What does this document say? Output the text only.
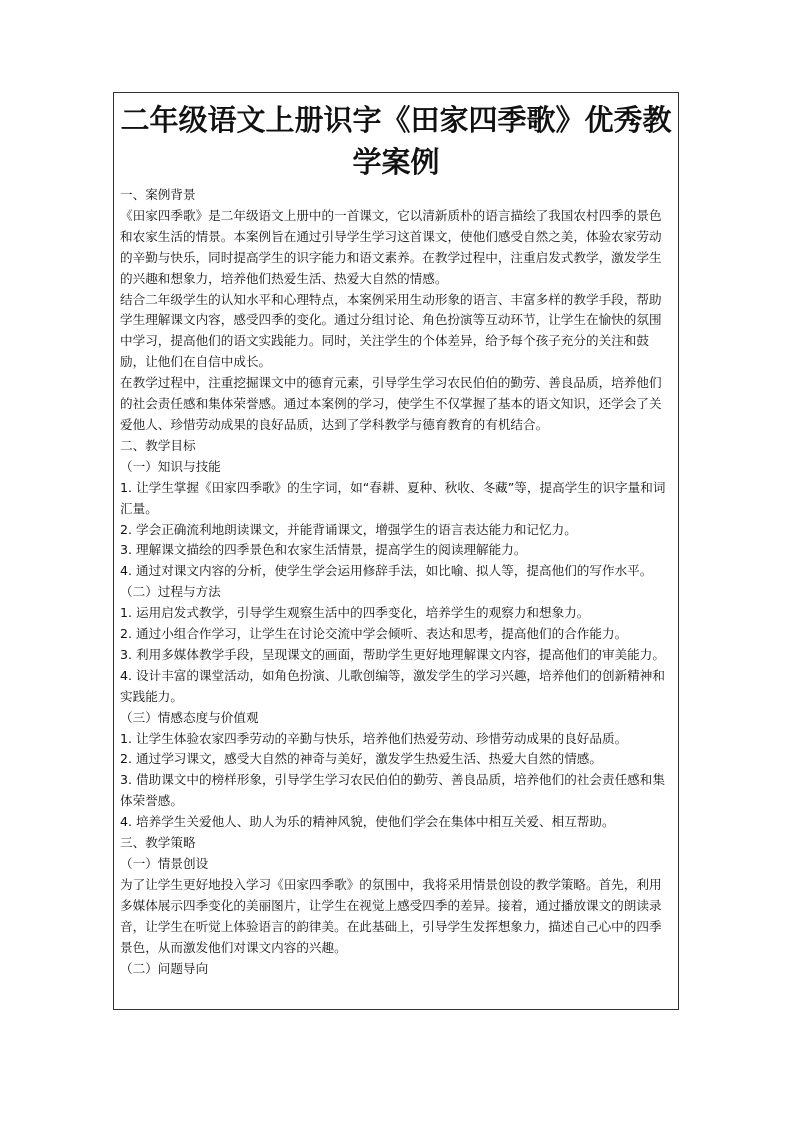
二年级语文上册识字《田家四季歌》优秀教学案例
一、案例背景
《田家四季歌》是二年级语文上册中的一首课文，它以清新质朴的语言描绘了我国农村四季的景色和农家生活的情景。本案例旨在通过引导学生学习这首课文，使他们感受自然之美，体验农家劳动的辛勤与快乐，同时提高学生的识字能力和语文素养。在教学过程中，注重启发式教学，激发学生的兴趣和想象力，培养他们热爱生活、热爱大自然的情感。
结合二年级学生的认知水平和心理特点，本案例采用生动形象的语言、丰富多样的教学手段，帮助学生理解课文内容，感受四季的变化。通过分组讨论、角色扮演等互动环节，让学生在愉快的氛围中学习，提高他们的语文实践能力。同时，关注学生的个体差异，给予每个孩子充分的关注和鼓励，让他们在自信中成长。
在教学过程中，注重挖掘课文中的德育元素，引导学生学习农民伯伯的勤劳、善良品质，培养他们的社会责任感和集体荣誉感。通过本案例的学习，使学生不仅掌握了基本的语文知识，还学会了关爱他人、珍惜劳动成果的良好品质，达到了学科教学与德育教育的有机结合。
二、教学目标
（一）知识与技能
1. 让学生掌握《田家四季歌》的生字词，如“春耕、夏种、秋收、冬藏”等，提高学生的识字量和词汇量。
2. 学会正确流利地朗读课文，并能背诵课文，增强学生的语言表达能力和记忆力。
3. 理解课文描绘的四季景色和农家生活情景，提高学生的阅读理解能力。
4. 通过对课文内容的分析，使学生学会运用修辞手法，如比喻、拟人等，提高他们的写作水平。
（二）过程与方法
1. 运用启发式教学，引导学生观察生活中的四季变化，培养学生的观察力和想象力。
2. 通过小组合作学习，让学生在讨论交流中学会倾听、表达和思考，提高他们的合作能力。
3. 利用多媒体教学手段，呈现课文的画面，帮助学生更好地理解课文内容，提高他们的审美能力。
4. 设计丰富的课堂活动，如角色扮演、儿歌创编等，激发学生的学习兴趣，培养他们的创新精神和实践能力。
（三）情感态度与价值观
1. 让学生体验农家四季劳动的辛勤与快乐，培养他们热爱劳动、珍惜劳动成果的良好品质。
2. 通过学习课文，感受大自然的神奇与美好，激发学生热爱生活、热爱大自然的情感。
3. 借助课文中的榜样形象，引导学生学习农民伯伯的勤劳、善良品质，培养他们的社会责任感和集体荣誉感。
4. 培养学生关爱他人、助人为乐的精神风貌，使他们学会在集体中相互关爱、相互帮助。
三、教学策略
（一）情景创设
为了让学生更好地投入学习《田家四季歌》的氛围中，我将采用情景创设的教学策略。首先，利用多媒体展示四季变化的美丽图片，让学生在视觉上感受四季的差异。接着，通过播放课文的朗读录音，让学生在听觉上体验语言的韵律美。在此基础上，引导学生发挥想象力，描述自己心中的四季景色，从而激发他们对课文内容的兴趣。
（二）问题导向
